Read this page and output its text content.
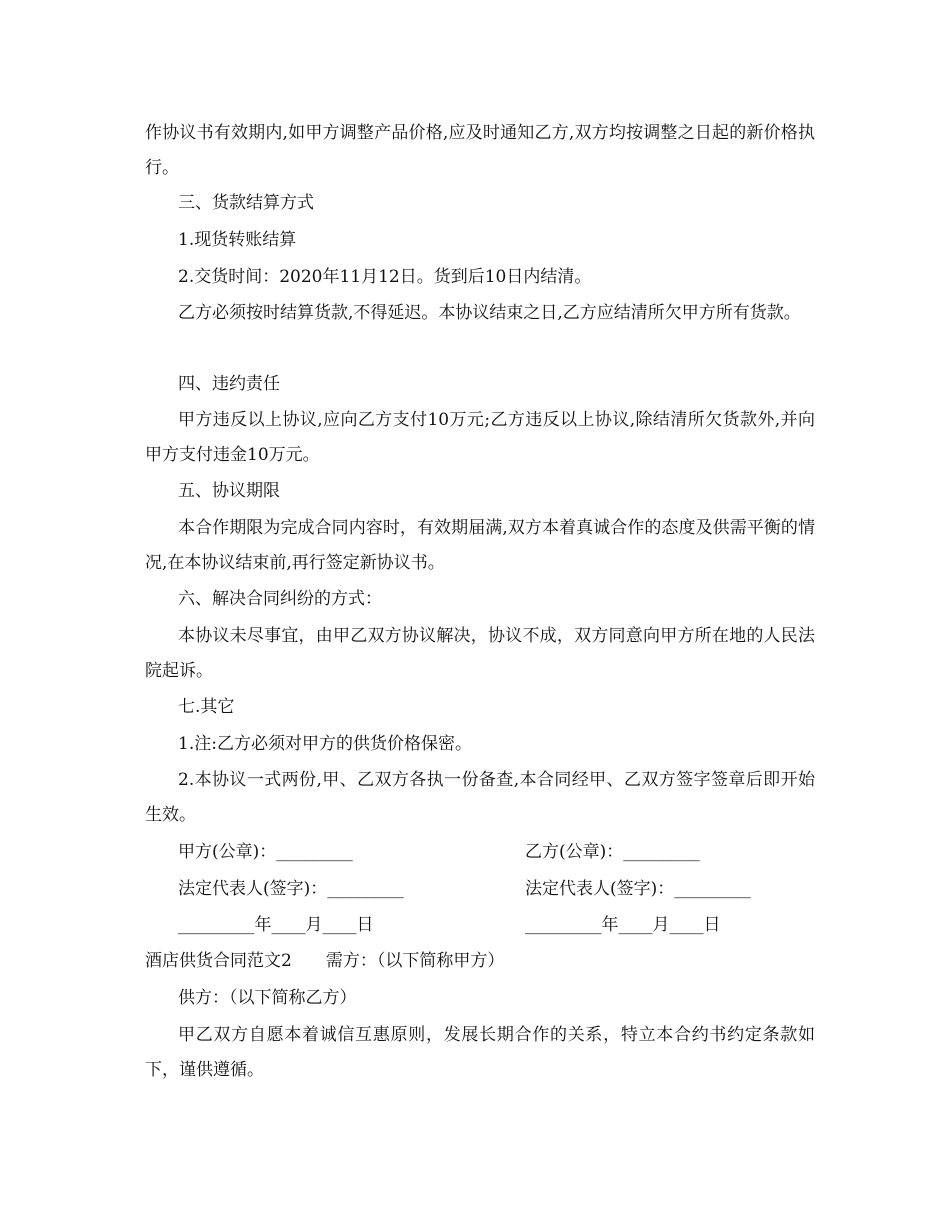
作协议书有效期内,如甲方调整产品价格,应及时通知乙方,双方均按调整之日起的新价格执行。

三、货款结算方式

1.现货转账结算

2.交货时间：2020年11月12日。货到后10日内结清。

乙方必须按时结算货款,不得延迟。本协议结束之日,乙方应结清所欠甲方所有货款。

四、违约责任

甲方违反以上协议,应向乙方支付10万元;乙方违反以上协议,除结清所欠货款外,并向甲方支付违金10万元。

五、协议期限

本合作期限为完成合同内容时，有效期届满,双方本着真诚合作的态度及供需平衡的情况,在本协议结束前,再行签定新协议书。

六、解决合同纠纷的方式：

本协议未尽事宜，由甲乙双方协议解决，协议不成，双方同意向甲方所在地的人民法院起诉。

七.其它

1.注:乙方必须对甲方的供货价格保密。

2.本协议一式两份,甲、乙双方各执一份备查,本合同经甲、乙双方签字签章后即开始生效。

甲方(公章)：_________	乙方(公章)：_________
法定代表人(签字)：_________	法定代表人(签字)：_________
_________年____月____日	_________年____月____日

酒店供货合同范文2　　需方：（以下简称甲方）

供方：（以下简称乙方）

甲乙双方自愿本着诚信互惠原则，发展长期合作的关系，特立本合约书约定条款如下，谨供遵循。
